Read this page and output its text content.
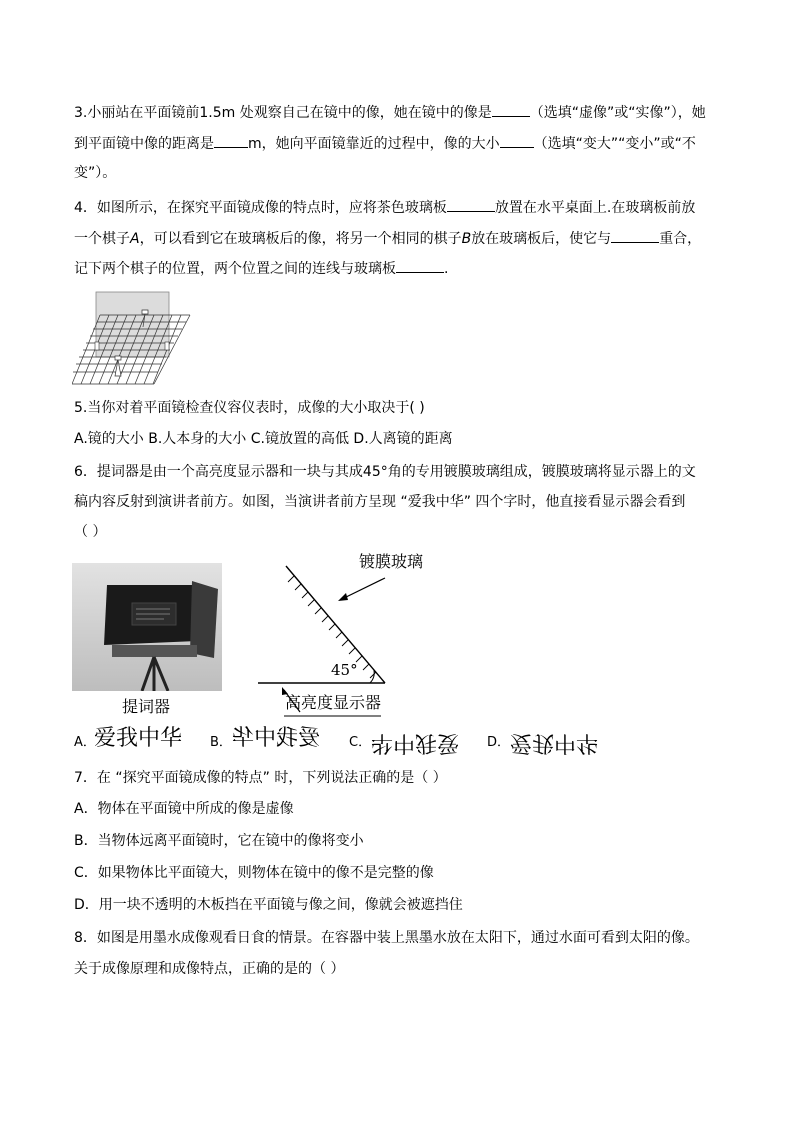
3.小丽站在平面镜前1.5m 处观察自己在镜中的像，她在镜中的像是	（选填“虚像”或“实像”），她
到平面镜中像的距离是 m，她向平面镜靠近的过程中，像的大小 （选填“变大”“变小”或“不
变”）。
4．如图所示，在探究平面镜成像的特点时，应将茶色玻璃板	放置在水平桌面上.在玻璃板前放
一个棋子A，可以看到它在玻璃板后的像，将另一个相同的棋子B放在玻璃板后，使它与	重合，
记下两个棋子的位置，两个位置之间的连线与玻璃板	.
5.当你对着平面镜检查仪容仪表时，成像的大小取决于( )
A.镜的大小 B.人本身的大小 C.镜放置的高低 D.人离镜的距离
6．提词器是由一个高亮度显示器和一块与其成45°角的专用镀膜玻璃组成，镀膜玻璃将显示器上的文
稿内容反射到演讲者前方。如图，当演讲者前方呈现 “爱我中华” 四个字时，他直接看显示器会看到
（ ）
提词器
镀膜玻璃
45°
高亮度显示器
A．
爱我中华 B． 爱我中华 C． 爱我中华 D． 爱我中华
7．在 “探究平面镜成像的特点” 时，下列说法正确的是（ ）
A．物体在平面镜中所成的像是虚像
B．当物体远离平面镜时，它在镜中的像将变小
C．如果物体比平面镜大，则物体在镜中的像不是完整的像
D．用一块不透明的木板挡在平面镜与像之间，像就会被遮挡住
8．如图是用墨水成像观看日食的情景。在容器中装上黑墨水放在太阳下，通过水面可看到太阳的像。
关于成像原理和成像特点，正确的是的（ ）
